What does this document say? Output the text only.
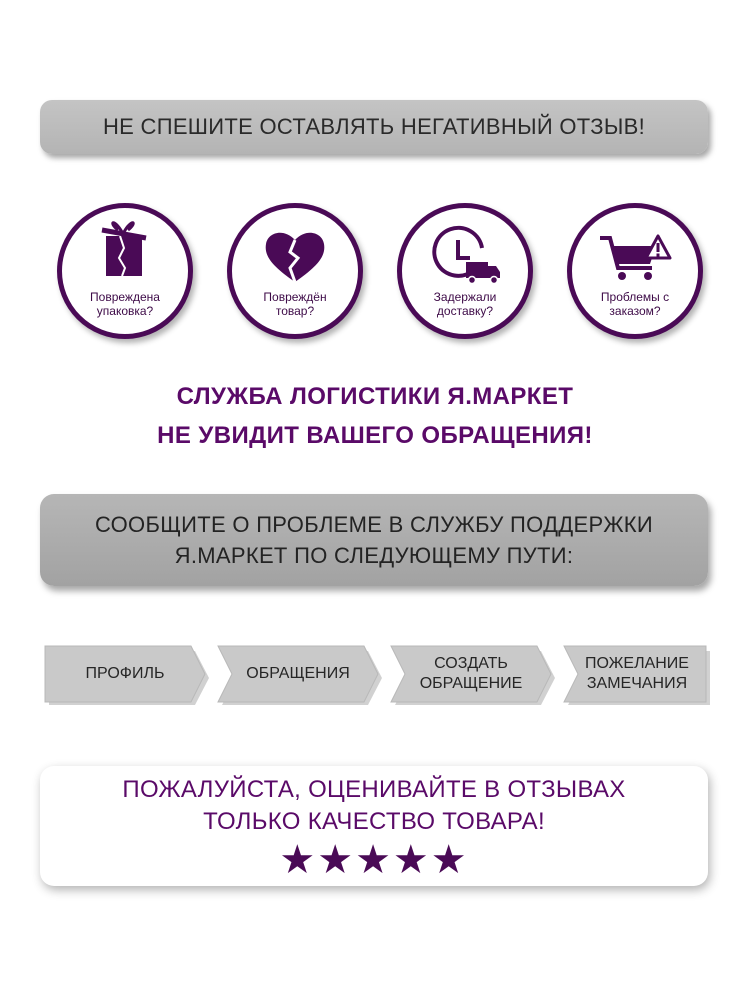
НЕ СПЕШИТЕ ОСТАВЛЯТЬ НЕГАТИВНЫЙ ОТЗЫВ!
Повреждена
упаковка?
Повреждён
товар?
Задержали
доставку?
Проблемы с
заказом?
СЛУЖБА ЛОГИСТИКИ Я.МАРКЕТ
НЕ УВИДИТ ВАШЕГО ОБРАЩЕНИЯ!
СООБЩИТЕ О ПРОБЛЕМЕ В СЛУЖБУ ПОДДЕРЖКИ
Я.МАРКЕТ ПО СЛЕДУЮЩЕМУ ПУТИ:
ПРОФИЛЬ	ОБРАЩЕНИЯ
СОЗДАТЬ
ОБРАЩЕНИЕ
ПОЖЕЛАНИЕ
ЗАМЕЧАНИЯ
ПОЖАЛУЙСТА, ОЦЕНИВАЙТЕ В ОТЗЫВАХ
ТОЛЬКО КАЧЕСТВО ТОВАРА!
★★★★★
